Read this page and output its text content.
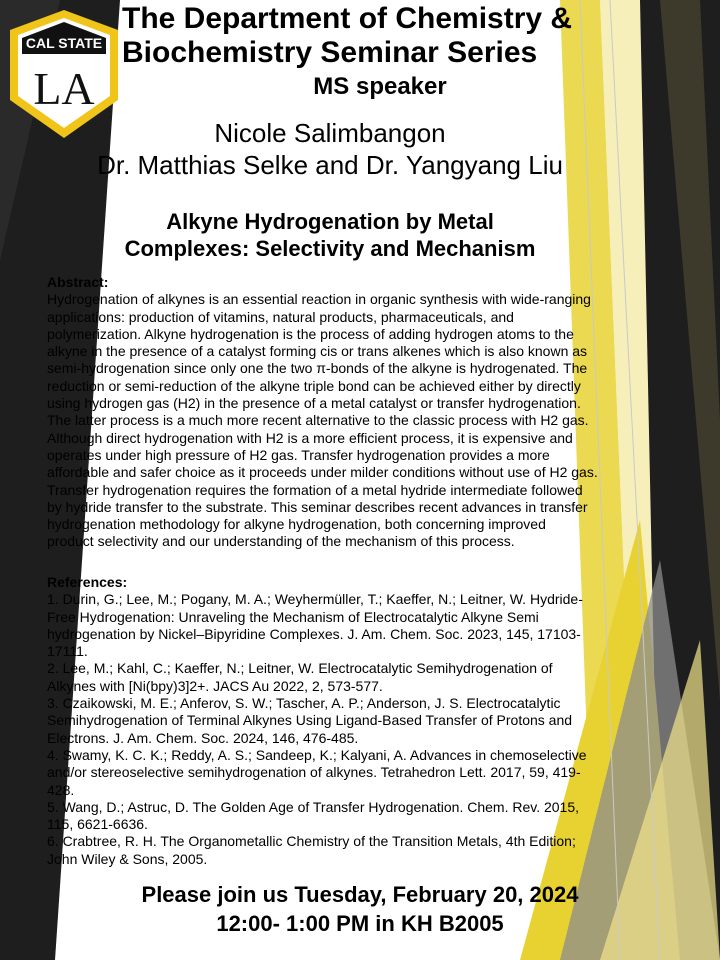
CAL STATE
LA
The Department of Chemistry &
Biochemistry Seminar Series
MS speaker
Nicole Salimbangon
Dr. Matthias Selke and Dr. Yangyang Liu
Alkyne Hydrogenation by Metal
Complexes: Selectivity and Mechanism
Abstract:
Hydrogenation of alkynes is an essential reaction in organic synthesis with wide-ranging
applications: production of vitamins, natural products, pharmaceuticals, and
polymerization. Alkyne hydrogenation is the process of adding hydrogen atoms to the
alkyne in the presence of a catalyst forming cis or trans alkenes which is also known as
semi-hydrogenation since only one the two π-bonds of the alkyne is hydrogenated. The
reduction or semi-reduction of the alkyne triple bond can be achieved either by directly
using hydrogen gas (H2) in the presence of a metal catalyst or transfer hydrogenation.
The latter process is a much more recent alternative to the classic process with H2 gas.
Although direct hydrogenation with H2 is a more efficient process, it is expensive and
operates under high pressure of H2 gas. Transfer hydrogenation provides a more
affordable and safer choice as it proceeds under milder conditions without use of H2 gas.
Transfer hydrogenation requires the formation of a metal hydride intermediate followed
by hydride transfer to the substrate. This seminar describes recent advances in transfer
hydrogenation methodology for alkyne hydrogenation, both concerning improved
product selectivity and our understanding of the mechanism of this process.
References:
1. Durin, G.; Lee, M.; Pogany, M. A.; Weyhermüller, T.; Kaeffer, N.; Leitner, W. Hydride-
Free Hydrogenation: Unraveling the Mechanism of Electrocatalytic Alkyne Semi
hydrogenation by Nickel–Bipyridine Complexes. J. Am. Chem. Soc. 2023, 145, 17103-
17111.
2. Lee, M.; Kahl, C.; Kaeffer, N.; Leitner, W. Electrocatalytic Semihydrogenation of
Alkynes with [Ni(bpy)3]2+. JACS Au 2022, 2, 573-577.
3. Czaikowski, M. E.; Anferov, S. W.; Tascher, A. P.; Anderson, J. S. Electrocatalytic
Semihydrogenation of Terminal Alkynes Using Ligand-Based Transfer of Protons and
Electrons. J. Am. Chem. Soc. 2024, 146, 476-485.
4. Swamy, K. C. K.; Reddy, A. S.; Sandeep, K.; Kalyani, A. Advances in chemoselective
and/or stereoselective semihydrogenation of alkynes. Tetrahedron Lett. 2017, 59, 419-
428.
5. Wang, D.; Astruc, D. The Golden Age of Transfer Hydrogenation. Chem. Rev. 2015,
115, 6621-6636.
6. Crabtree, R. H. The Organometallic Chemistry of the Transition Metals, 4th Edition;
John Wiley & Sons, 2005.
Please join us Tuesday, February 20, 2024
12:00- 1:00 PM in KH B2005
